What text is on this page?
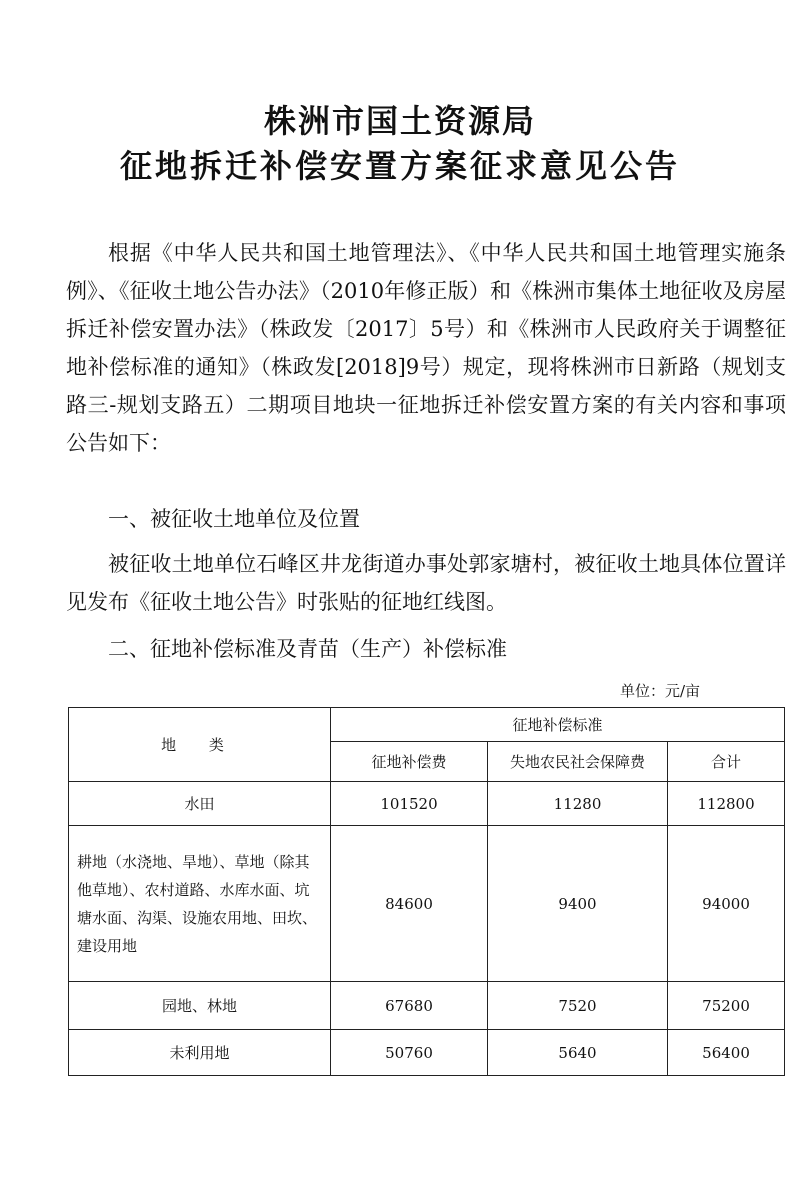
株洲市国土资源局
征地拆迁补偿安置方案征求意见公告

根据《中华人民共和国土地管理法》、《中华人民共和国土地管理实施条例》、《征收土地公告办法》（2010年修正版）和《株洲市集体土地征收及房屋拆迁补偿安置办法》（株政发〔2017〕5号）和《株洲市人民政府关于调整征地补偿标准的通知》（株政发[2018]9号）规定，现将株洲市日新路（规划支路三-规划支路五）二期项目地块一征地拆迁补偿安置方案的有关内容和事项公告如下：

一、被征收土地单位及位置

被征收土地单位石峰区井龙街道办事处郭家塘村，被征收土地具体位置详见发布《征收土地公告》时张贴的征地红线图。

二、征地补偿标准及青苗（生产）补偿标准
单位：元/亩
地 类	征地补偿标准		
	征地补偿费	失地农民社会保障费	合计
水田	101520	11280	112800
耕地（水浇地、旱地）、草地（除其他草地）、农村道路、水库水面、坑塘水面、沟渠、设施农用地、田坎、建设用地	84600	9400	94000
园地、林地	67680	7520	75200
未利用地	50760	5640	56400
